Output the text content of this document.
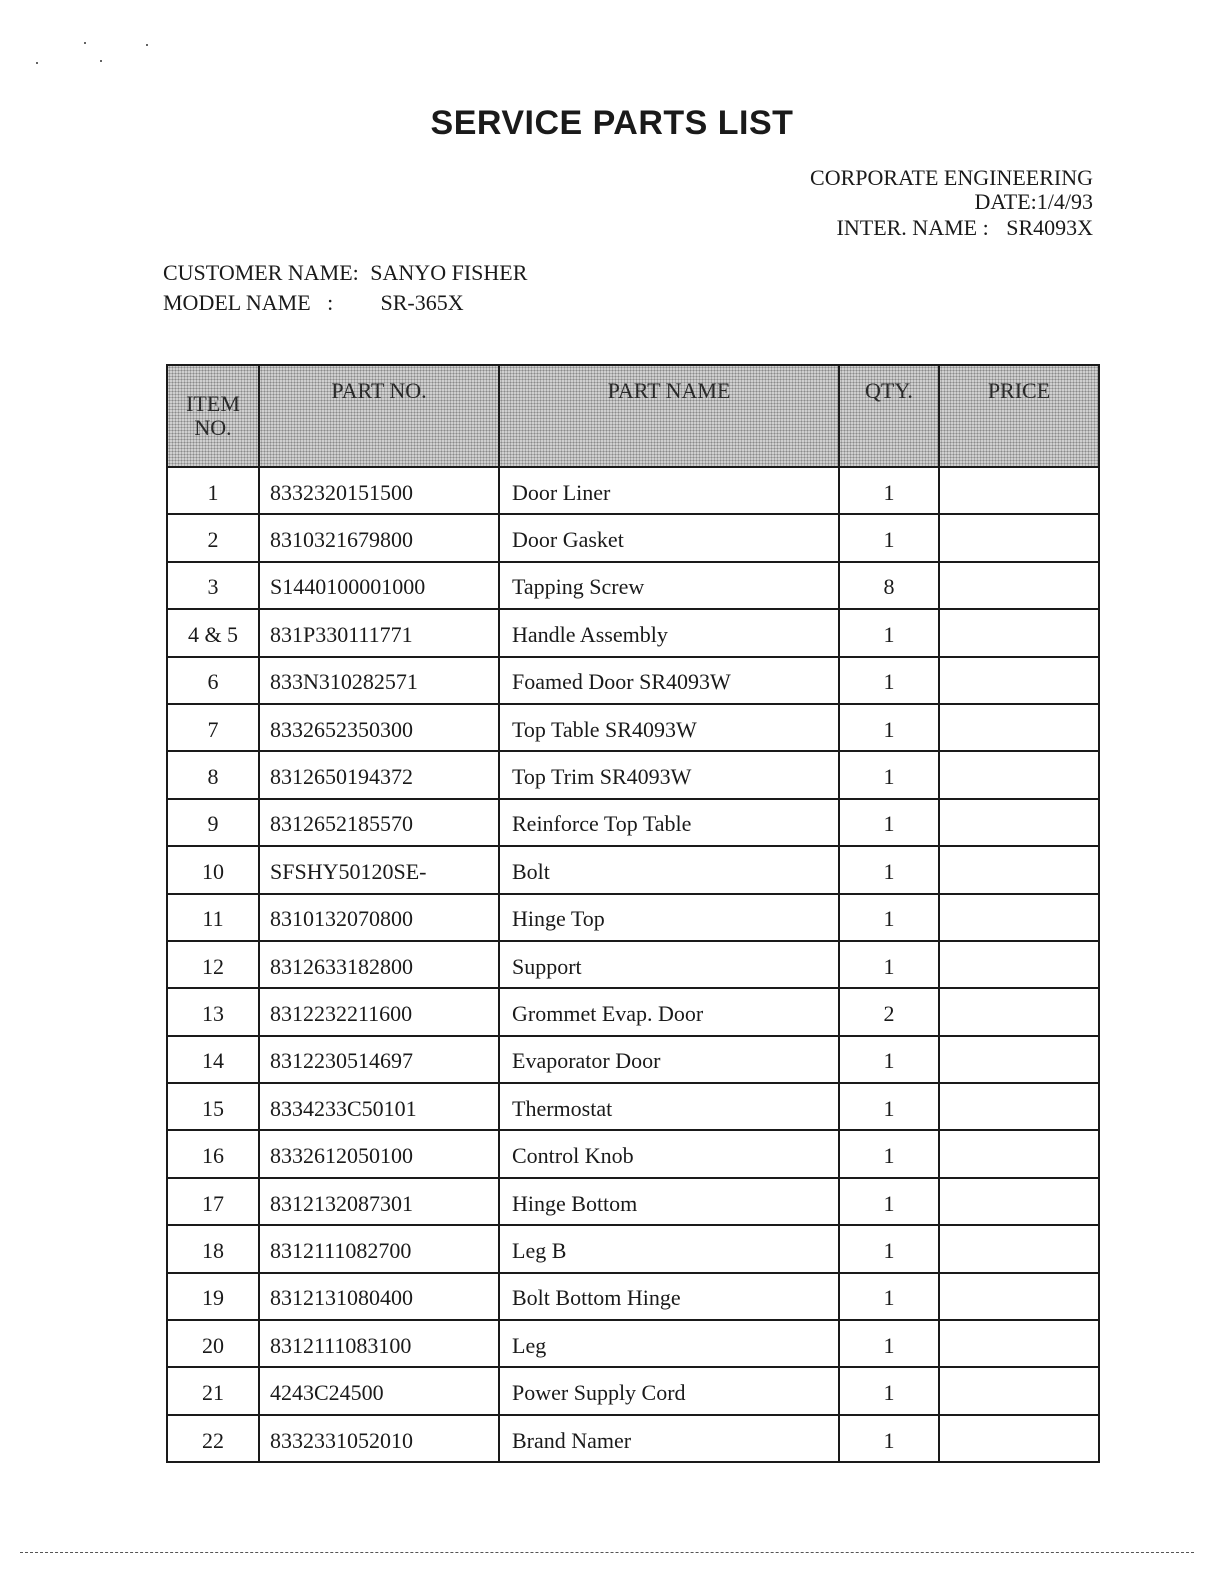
SERVICE PARTS LIST
CORPORATE ENGINEERING
DATE:1/4/93
INTER. NAME : SR4093X
CUSTOMER NAME: SANYO FISHER
MODEL NAME   : SR-365X
ITEM
NO.	PART NO.	PART NAME	QTY.	PRICE
1	8332320151500	Door Liner	1	
2	8310321679800	Door Gasket	1	
3	S1440100001000	Tapping Screw	8	
4 & 5	831P330111771	Handle Assembly	1	
6	833N310282571	Foamed Door SR4093W	1	
7	8332652350300	Top Table SR4093W	1	
8	8312650194372	Top Trim SR4093W	1	
9	8312652185570	Reinforce Top Table	1	
10	SFSHY50120SE-	Bolt	1	
11	8310132070800	Hinge Top	1	
12	8312633182800	Support	1	
13	8312232211600	Grommet Evap. Door	2	
14	8312230514697	Evaporator Door	1	
15	8334233C50101	Thermostat	1	
16	8332612050100	Control Knob	1	
17	8312132087301	Hinge Bottom	1	
18	8312111082700	Leg B	1	
19	8312131080400	Bolt Bottom Hinge	1	
20	8312111083100	Leg	1	
21	4243C24500	Power Supply Cord	1	
22	8332331052010	Brand Namer	1	
